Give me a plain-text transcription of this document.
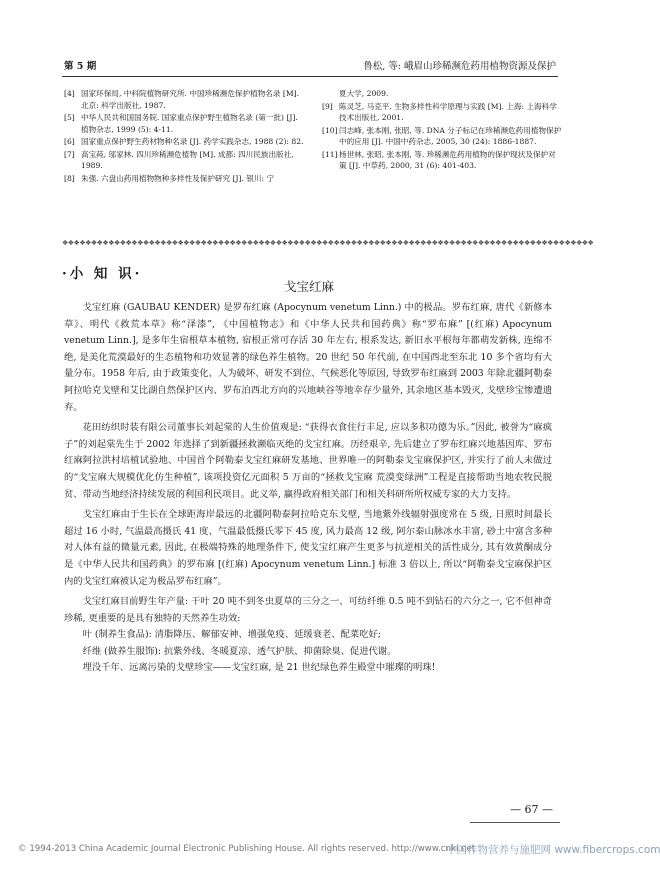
第 5 期	鲁松, 等: 峨眉山珍稀濒危药用植物资源及保护
[4] 国家环保局, 中科院植物研究所. 中国珍稀濒危保护植物名录 [M]. 北京: 科学出版社, 1987.
[5] 中华人民共和国国务院. 国家重点保护野生植物名录 (第一批) [J]. 植物杂志, 1999 (5): 4-11.
[6] 国家重点保护野生药材物种名录 [J]. 药学实践杂志, 1988 (2): 82.
[7] 高宝莼, 邬家林. 四川珍稀濒危植物 [M]. 成都: 四川民族出版社, 1989.
[8] 朱强. 六盘山药用植物物种多样性及保护研究 [J]. 银川: 宁
夏大学, 2009.
[9] 陈灵芝, 马克平. 生物多样性科学原理与实践 [M]. 上海: 上海科学技术出版社, 2001.
[10] 闫志峰, 张本刚, 张昭, 等. DNA 分子标记在珍稀濒危药用植物保护中的应用 [J]. 中国中药杂志, 2005, 30 (24): 1886-1887.
[11] 杨世林, 张昭, 张本刚, 等. 珍稀濒危药用植物的保护现状及保护对策 [J]. 中草药, 2000, 31 (6): 401-403.
❖❖❖❖❖❖❖❖❖❖❖❖❖❖❖❖❖❖❖❖❖❖❖❖❖❖❖❖❖❖❖❖❖❖❖❖❖❖❖❖❖❖❖❖❖❖❖❖❖❖❖❖❖❖❖❖❖❖❖❖❖❖❖❖❖❖❖❖❖❖❖❖❖❖❖❖❖❖❖❖❖❖❖❖❖❖❖❖❖❖❖❖
·小 知 识·
戈宝红麻

戈宝红麻 (GAUBAU KENDER) 是罗布红麻 (Apocynum venetum Linn.) 中的极品。罗布红麻, 唐代《新修本草》、明代《救荒本草》称“泽漆”, 《中国植物志》和《中华人民共和国药典》称“罗布麻” [(红麻) Apocynum venetum Linn.], 是多年生宿根草本植物, 宿根正常可存活 30 年左右, 根系发达, 新旧水平根每年都萌发新株, 连绵不绝, 是美化荒漠最好的生态植物和功效显著的绿色养生植物。20 世纪 50 年代前, 在中国西北至东北 10 多个省均有大量分布。1958 年后, 由于政策变化、人为破坏、研发不到位、气候恶化等原因, 导致罗布红麻到 2003 年除北疆阿勒泰阿拉哈克戈壁和艾比湖自然保护区内、罗布泊西北方向的兴地峡谷等地幸存少量外, 其余地区基本毁灭, 戈壁珍宝惨遭遗弃。

花田纺织时装有限公司董事长刘起棠的人生价值观是: “获得衣食住行丰足, 应以多积功德为乐。”因此, 被誉为“麻疯子”的刘起棠先生于 2002 年选择了到新疆拯救濒临灭绝的戈宝红麻。历经艰辛, 先后建立了罗布红麻兴地基因库、罗布红麻阿拉洪村培植试验地、中国首个阿勒泰戈宝红麻研发基地、世界唯一的阿勒泰戈宝麻保护区, 并实行了前人未做过的“戈宝麻大规模优化仿生种植”, 该项投资亿元面积 5 万亩的“拯救戈宝麻 荒漠变绿洲”工程是直接帮助当地农牧民脱贫、带动当地经济持续发展的利国利民项目。此义举, 赢得政府相关部门和相关科研所所权威专家的大力支持。

戈宝红麻由于生长在全球距海岸最远的北疆阿勒泰阿拉哈克东戈壁, 当地紫外线辐射强度常在 5 级, 日照时间最长超过 16 小时, 气温最高摄氏 41 度、气温最低摄氏零下 45 度, 风力最高 12 级, 阿尔泰山脉冰水丰富, 砂土中富含多种对人体有益的微量元素, 因此, 在极端特殊的地理条件下, 使戈宝红麻产生更多与抗逆相关的活性成分, 其有效黄酮成分是《中华人民共和国药典》的罗布麻 [(红麻) Apocynum venetum Linn.] 标准 3 倍以上, 所以“阿勒泰戈宝麻保护区内的戈宝红麻被认定为极品罗布红麻”。

戈宝红麻目前野生年产量: 干叶 20 吨不到冬虫夏草的三分之一、可纺纤维 0.5 吨不到钻石的六分之一, 它不但神奇珍稀, 更重要的是具有独特的天然养生功效:

叶 (制养生食品): 清脂降压、解郁安神、增强免疫、延缓衰老、配菜吃好;
纤维 (做养生服饰): 抗紫外线、冬暖夏凉、透气护肤、抑菌除臭、促进代谢。
埋没千年、远离污染的戈壁珍宝——戈宝红麻, 是 21 世纪绿色养生殿堂中璀璨的明珠!
— 67 —
© 1994-2013 China Academic Journal Electronic Publishing House. All rights reserved. http://www.cnki.net
中国作物营养与施肥网 www.fibercrops.com
